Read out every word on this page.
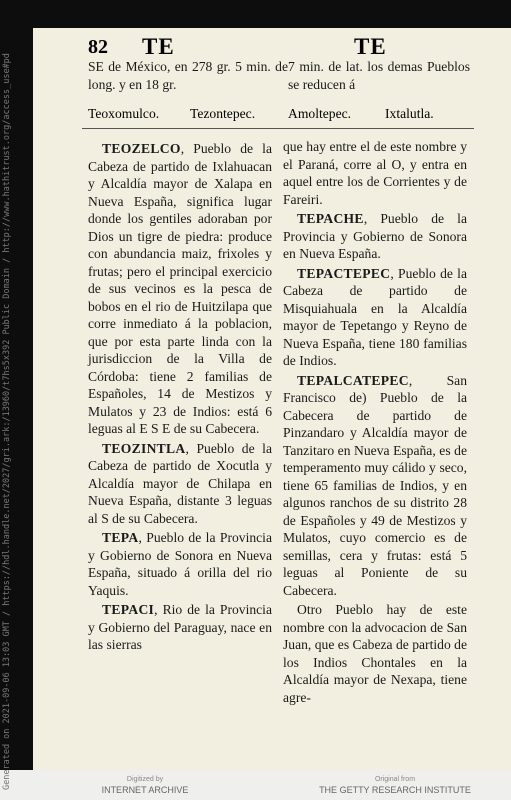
82 TE	TE

SE de México, en 278 gr. 5 min. de long. y en 18 gr.

7 min. de lat. los demas Pueblos se reducen á

Teoxomulco. Tezontepec. Amoltepec. Ixtalutla.

TEOZELCO, Pueblo de la Cabeza de partido de Ixlahuacan y Alcaldía mayor de Xalapa en Nueva España, significa lugar donde los gentiles adoraban por Dios un tigre de piedra: produce con abundancia maiz, frixoles y frutas; pero el principal exercicio de sus vecinos es la pesca de bobos en el rio de Huitzilapa que corre inmediato á la poblacion, que por esta parte linda con la jurisdiccion de la Villa de Córdoba: tiene 2 familias de Españoles, 14 de Mestizos y Mulatos y 23 de Indios: está 6 leguas al E S E de su Cabecera.

TEOZINTLA, Pueblo de la Cabeza de partido de Xocutla y Alcaldía mayor de Chilapa en Nueva España, distante 3 leguas al S de su Cabecera.

TEPA, Pueblo de la Provincia y Gobierno de Sonora en Nueva España, situado á orilla del rio Yaquis.

TEPACI, Rio de la Provincia y Gobierno del Paraguay, nace en las sierras

que hay entre el de este nombre y el Paraná, corre al O, y entra en aquel entre los de Corrientes y de Fareiri.

TEPACHE, Pueblo de la Provincia y Gobierno de Sonora en Nueva España.

TEPACTEPEC, Pueblo de la Cabeza de partido de Misquiahuala en la Alcaldía mayor de Tepetango y Reyno de Nueva España, tiene 180 familias de Indios.

TEPALCATEPEC, San Francisco de) Pueblo de la Cabecera de partido de Pinzandaro y Alcaldía mayor de Tanzitaro en Nueva España, es de temperamento muy cálido y seco, tiene 65 familias de Indios, y en algunos ranchos de su distrito 28 de Españoles y 49 de Mestizos y Mulatos, cuyo comercio es de semillas, cera y frutas: está 5 leguas al Poniente de su Cabecera.

Otro Pueblo hay de este nombre con la advocacion de San Juan, que es Cabeza de partido de los Indios Chontales en la Alcaldía mayor de Nexapa, tiene agre-

Generated on 2021-09-06 13:03 GMT / https://hdl.handle.net/2027/gri.ark:/13960/t7hs5x392 Public Domain / http://www.hathitrust.org/access_use#pd	Digitized by
INTERNET ARCHIVE
Original from
THE GETTY RESEARCH INSTITUTE
